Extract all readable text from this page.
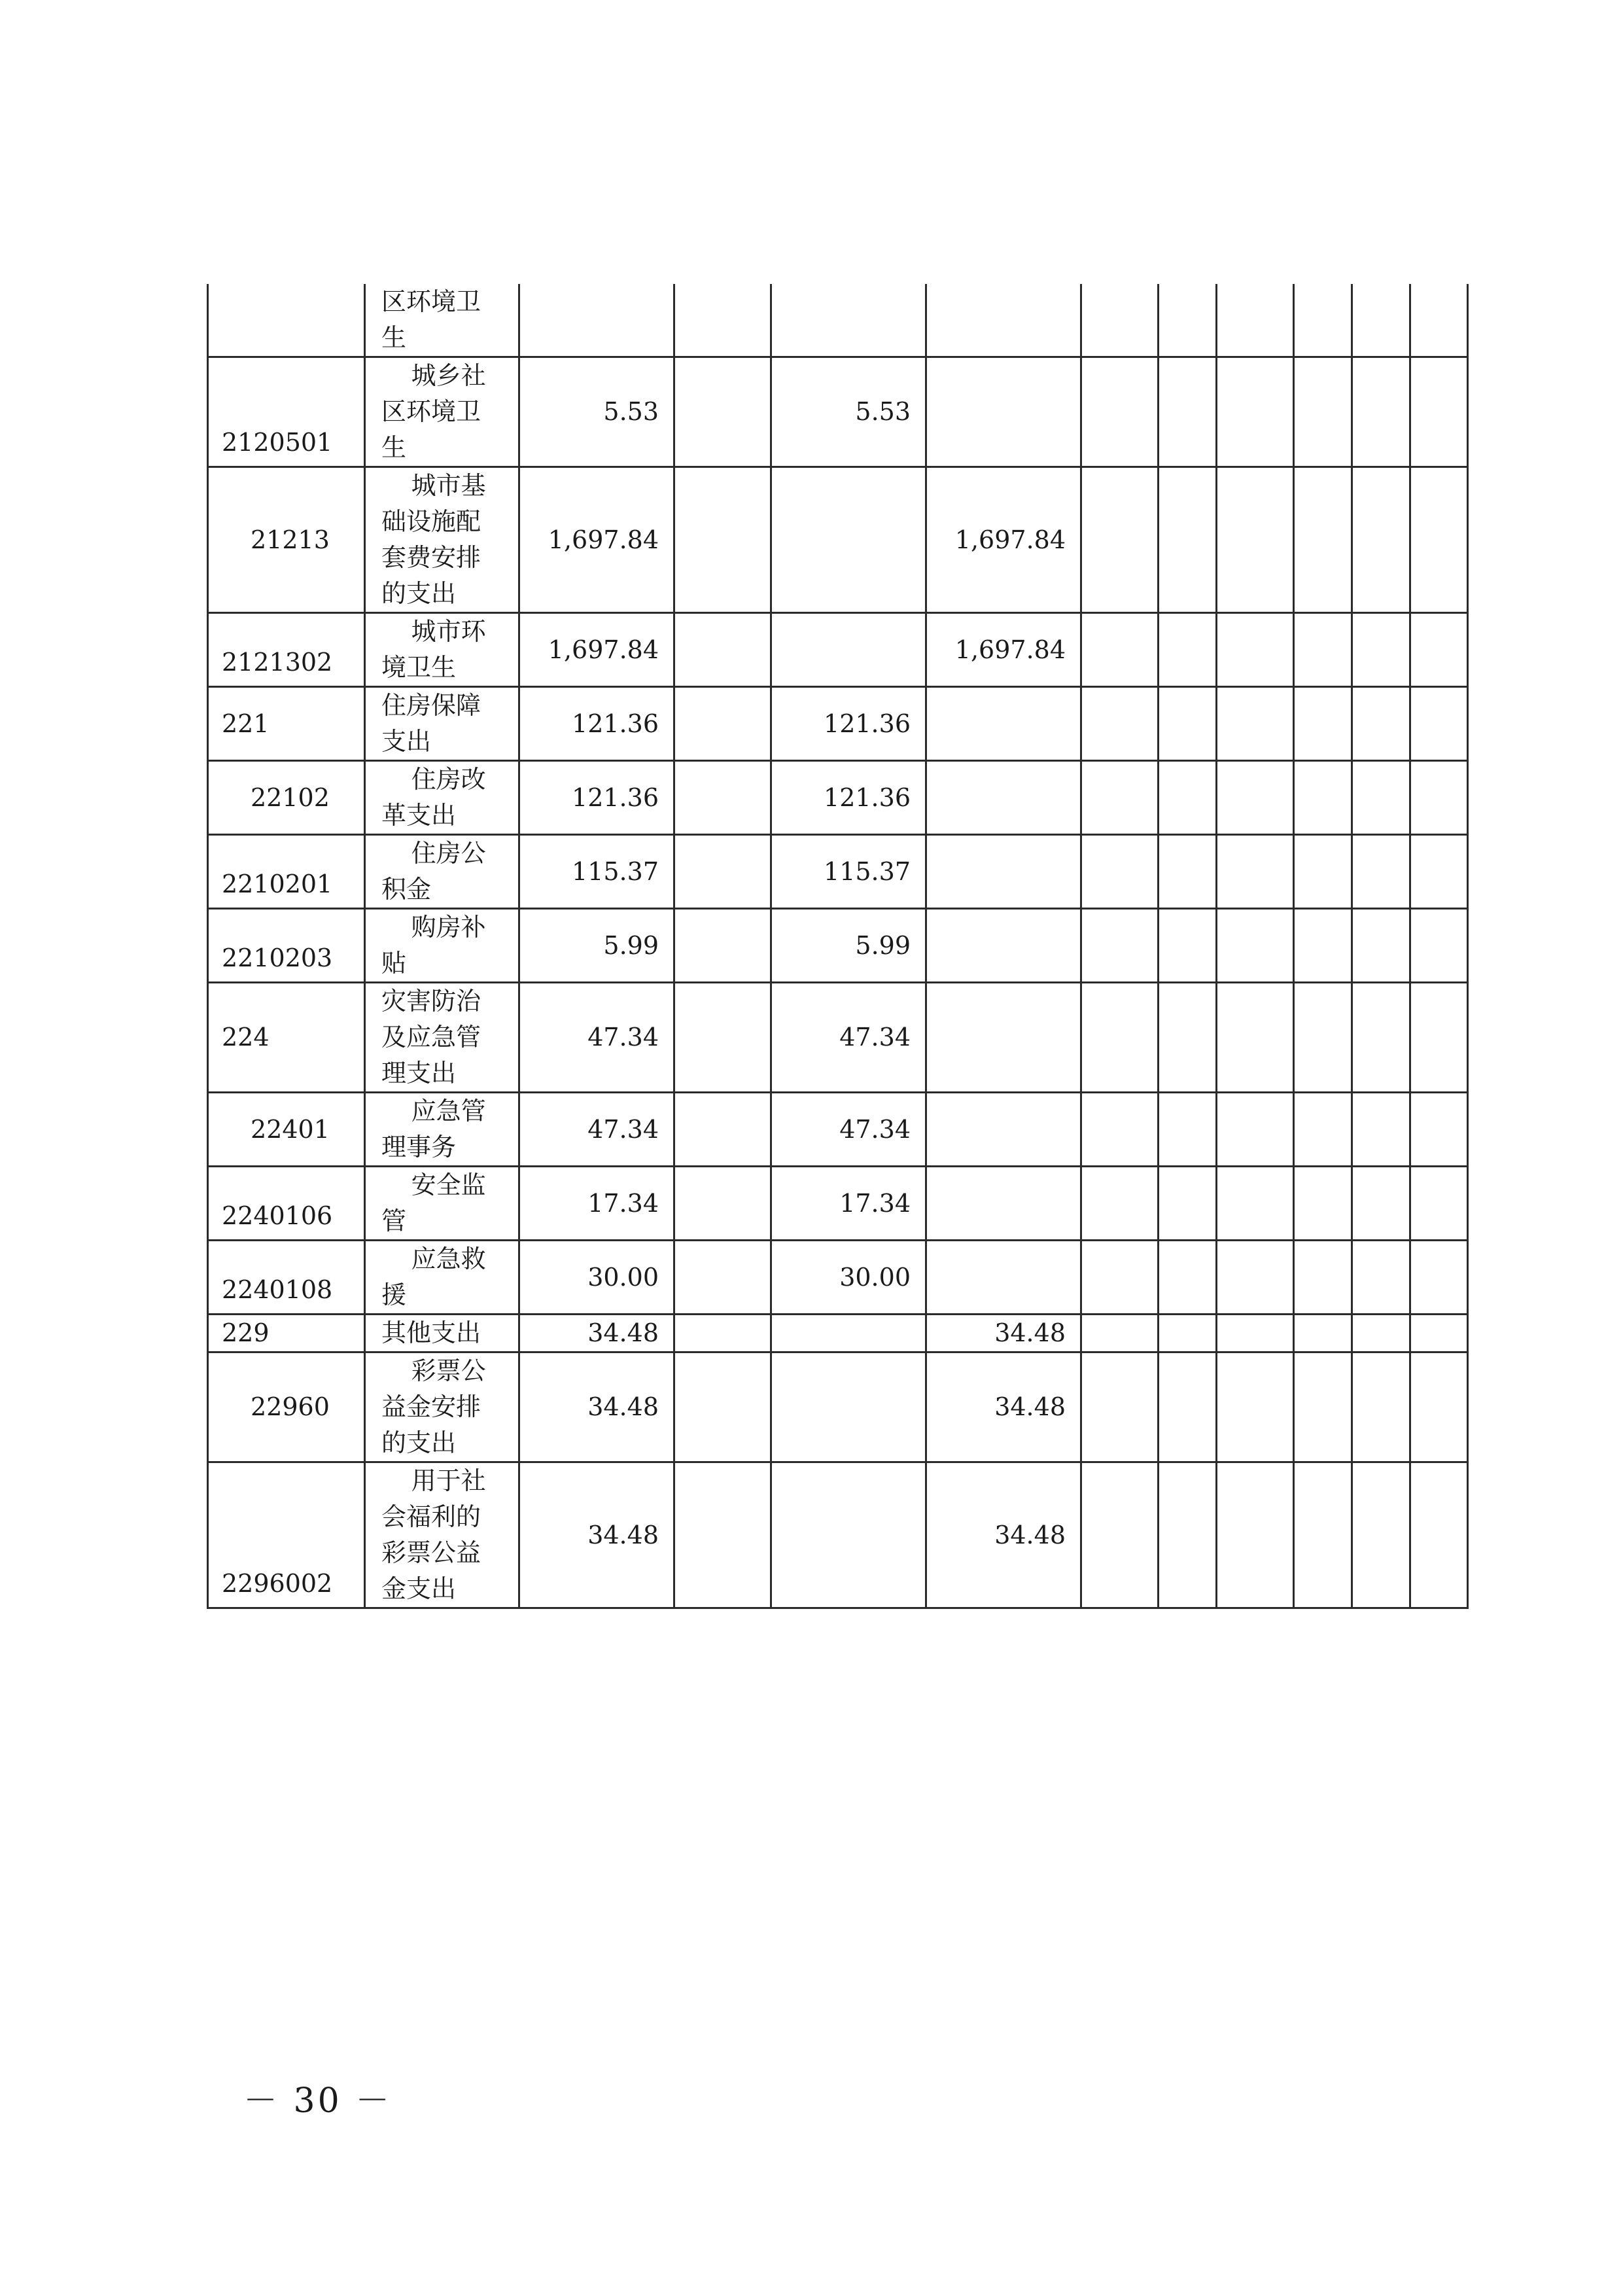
	区环境卫生										
2120501	城乡社区环境卫生	5.53		5.53							
21213	城市基础设施配套费安排的支出	1,697.84			1,697.84						
2121302	城市环境卫生	1,697.84			1,697.84						
221	住房保障支出	121.36		121.36							
22102	住房改革支出	121.36		121.36							
2210201	住房公积金	115.37		115.37							
2210203	购房补贴	5.99		5.99							
224	灾害防治及应急管理支出	47.34		47.34							
22401	应急管理事务	47.34		47.34							
2240106	安全监管	17.34		17.34							
2240108	应急救援	30.00		30.00							
229	其他支出	34.48			34.48						
22960	彩票公益金安排的支出	34.48			34.48						
2296002	用于社会福利的彩票公益金支出	34.48			34.48						
－ 30 －
